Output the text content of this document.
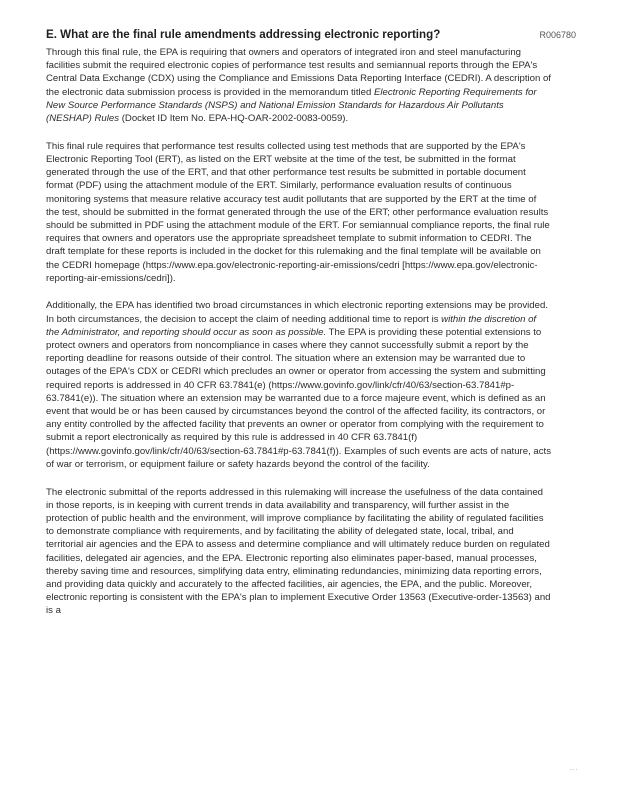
E. What are the final rule amendments addressing electronic reporting?	R006780

Through this final rule, the EPA is requiring that owners and operators of integrated iron and steel manufacturing facilities submit the required electronic copies of performance test results and semiannual reports through the EPA's Central Data Exchange (CDX) using the Compliance and Emissions Data Reporting Interface (CEDRI). A description of the electronic data submission process is provided in the memorandum titled Electronic Reporting Requirements for New Source Performance Standards (NSPS) and National Emission Standards for Hazardous Air Pollutants (NESHAP) Rules (Docket ID Item No. EPA-HQ-OAR-2002-0083-0059).

This final rule requires that performance test results collected using test methods that are supported by the EPA's Electronic Reporting Tool (ERT), as listed on the ERT website at the time of the test, be submitted in the format generated through the use of the ERT, and that other performance test results be submitted in portable document format (PDF) using the attachment module of the ERT. Similarly, performance evaluation results of continuous monitoring systems that measure relative accuracy test audit pollutants that are supported by the ERT at the time of the test, should be submitted in the format generated through the use of the ERT; other performance evaluation results should be submitted in PDF using the attachment module of the ERT. For semiannual compliance reports, the final rule requires that owners and operators use the appropriate spreadsheet template to submit information to CEDRI. The draft template for these reports is included in the docket for this rulemaking and the final template will be available on the CEDRI homepage (https://www.epa.gov/electronic-reporting-air-emissions/cedri [https://www.epa.gov/electronic-reporting-air-emissions/cedri]).

Additionally, the EPA has identified two broad circumstances in which electronic reporting extensions may be provided. In both circumstances, the decision to accept the claim of needing additional time to report is within the discretion of the Administrator, and reporting should occur as soon as possible. The EPA is providing these potential extensions to protect owners and operators from noncompliance in cases where they cannot successfully submit a report by the reporting deadline for reasons outside of their control. The situation where an extension may be warranted due to outages of the EPA's CDX or CEDRI which precludes an owner or operator from accessing the system and submitting required reports is addressed in 40 CFR 63.7841(e) (https://www.govinfo.gov/link/cfr/40/63/section-63.7841#p-63.7841(e)). The situation where an extension may be warranted due to a force majeure event, which is defined as an event that would be or has been caused by circumstances beyond the control of the affected facility, its contractors, or any entity controlled by the affected facility that prevents an owner or operator from complying with the requirement to submit a report electronically as required by this rule is addressed in 40 CFR 63.7841(f) (https://www.govinfo.gov/link/cfr/40/63/section-63.7841#p-63.7841(f)). Examples of such events are acts of nature, acts of war or terrorism, or equipment failure or safety hazards beyond the control of the facility.

The electronic submittal of the reports addressed in this rulemaking will increase the usefulness of the data contained in those reports, is in keeping with current trends in data availability and transparency, will further assist in the protection of public health and the environment, will improve compliance by facilitating the ability of regulated facilities to demonstrate compliance with requirements, and by facilitating the ability of delegated state, local, tribal, and territorial air agencies and the EPA to assess and determine compliance and will ultimately reduce burden on regulated facilities, delegated air agencies, and the EPA. Electronic reporting also eliminates paper-based, manual processes, thereby saving time and resources, simplifying data entry, eliminating redundancies, minimizing data reporting errors, and providing data quickly and accurately to the affected facilities, air agencies, the EPA, and the public. Moreover, electronic reporting is consistent with the EPA's plan to implement Executive Order 13563 (Executive-order-13563) and is a

...
